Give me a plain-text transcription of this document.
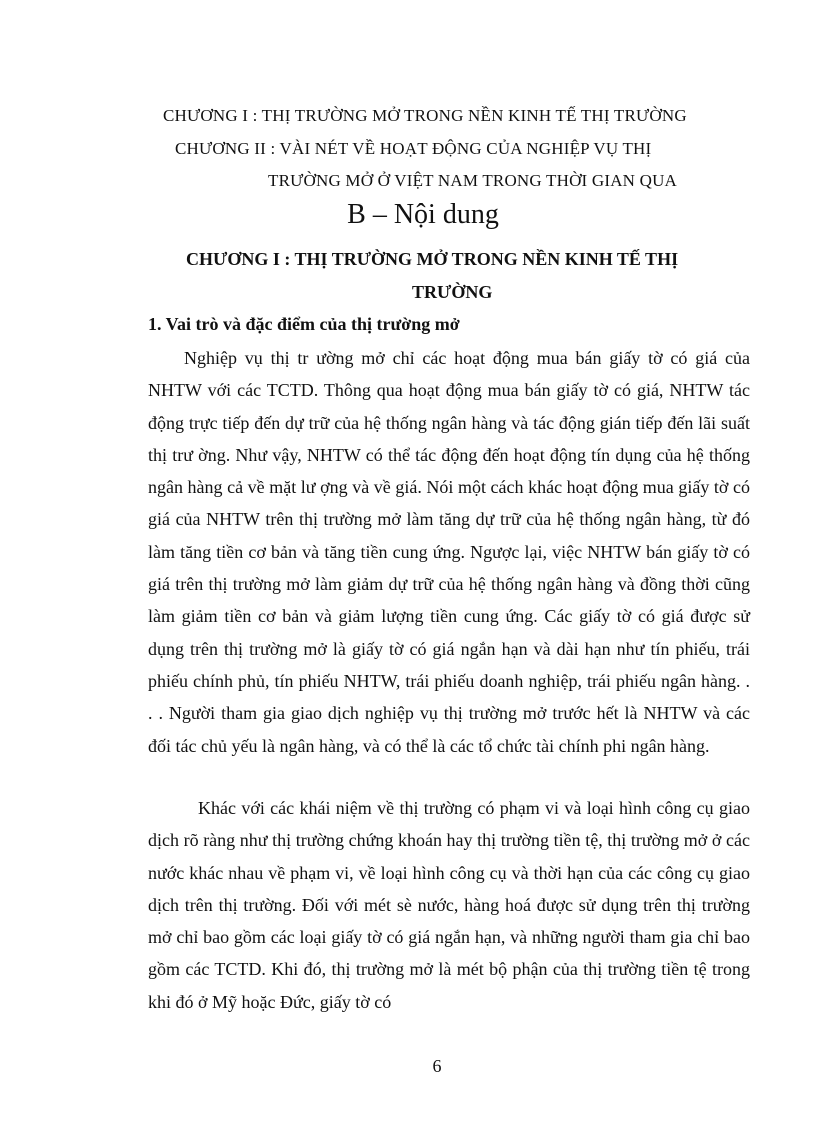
CHƯƠNG I : THỊ TRƯỜNG MỞ TRONG NỀN KINH TẾ THỊ TRƯỜNG
CHƯƠNG II : VÀI NÉT VỀ HOẠT ĐỘNG CỦA NGHIỆP VỤ THỊ
TRƯỜNG MỞ Ở VIỆT NAM TRONG THỜI GIAN QUA
B – Nội dung
CHƯƠNG I : THỊ TRƯỜNG MỞ TRONG NỀN KINH TẾ THỊ
TRƯỜNG
1. Vai trò và đặc điểm của thị trường mở

Nghiệp vụ thị tr ường mở chỉ các hoạt động mua bán giấy tờ có giá của NHTW với các TCTD. Thông qua hoạt động mua bán giấy tờ có giá, NHTW tác động trực tiếp đến dự trữ của hệ thống ngân hàng và tác động gián tiếp đến lãi suất thị trư ờng. Như vậy, NHTW có thể tác động đến hoạt động tín dụng của hệ thống ngân hàng cả về mặt lư ợng và về giá. Nói một cách khác hoạt động mua giấy tờ có giá của NHTW trên thị trường mở làm tăng dự trữ của hệ thống ngân hàng, từ đó làm tăng tiền cơ bản và tăng tiền cung ứng. Ngược lại, việc NHTW bán giấy tờ có giá trên thị trường mở làm giảm dự trữ của hệ thống ngân hàng và đồng thời cũng làm giảm tiền cơ bản và giảm lượng tiền cung ứng. Các giấy tờ có giá được sử dụng trên thị trường mở là giấy tờ có giá ngắn hạn và dài hạn như tín phiếu, trái phiếu chính phủ, tín phiếu NHTW, trái phiếu doanh nghiệp, trái phiếu ngân hàng. . . . Người tham gia giao dịch nghiệp vụ thị trường mở trước hết là NHTW và các đối tác chủ yếu là ngân hàng, và có thể là các tổ chức tài chính phi ngân hàng.

Khác với các khái niệm về thị trường có phạm vi và loại hình công cụ giao dịch rõ ràng như thị trường chứng khoán hay thị trường tiền tệ, thị trường mở ở các nước khác nhau về phạm vi, về loại hình công cụ và thời hạn của các công cụ giao dịch trên thị trường. Đối với mét sè nước, hàng hoá được sử dụng trên thị trường mở chỉ bao gồm các loại giấy tờ có giá ngắn hạn, và những người tham gia chỉ bao gồm các TCTD. Khi đó, thị trường mở là mét bộ phận của thị trường tiền tệ trong khi đó ở Mỹ hoặc Đức, giấy tờ có

6
